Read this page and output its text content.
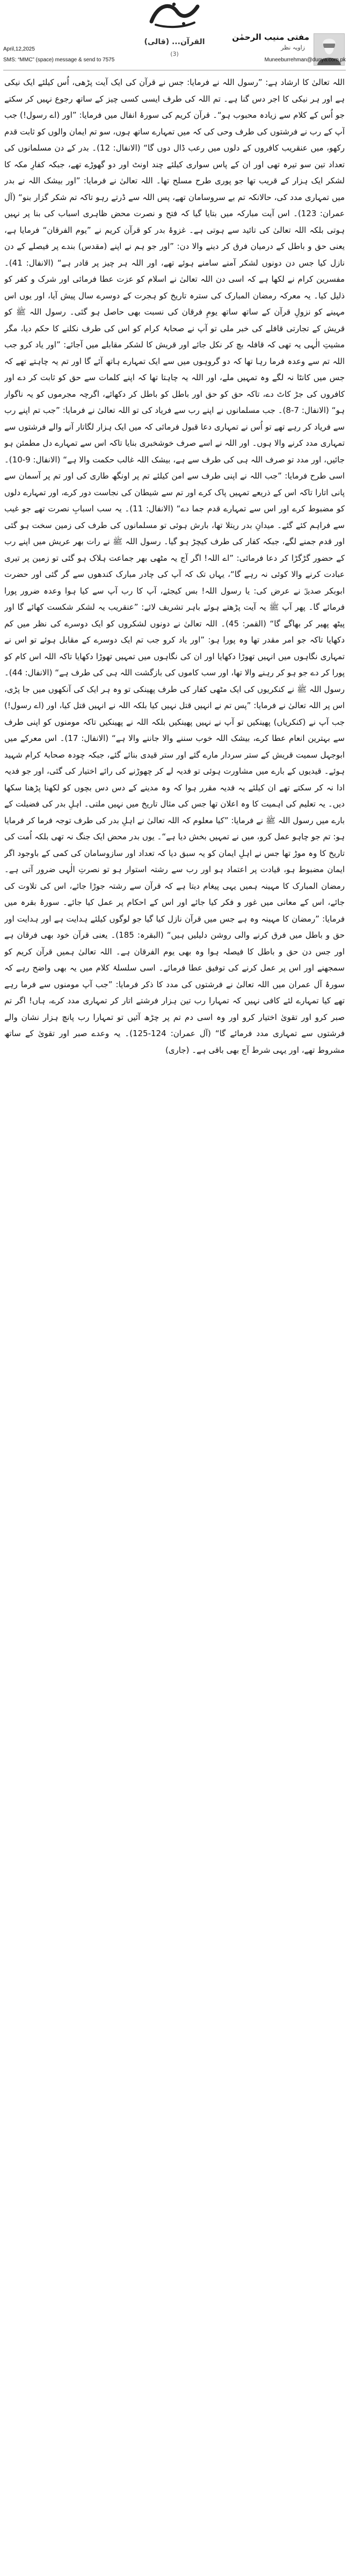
مفتی منیب الرحمٰن
زاویہ نظر
القرآن... (قالی)
(3)
April,12,2025
SMS: “MMC” (space) message & send to 7575	Muneeburrehman@dunya.com.pk

اللہ تعالیٰ کا ارشاد ہے: ”رسول اللہ نے فرمایا: جس نے قرآن کی ایک آیت پڑھی، اُس کیلئے ایک نیکی ہے اور ہر نیکی کا اجر دس گنا ہے۔ تم اللہ کی طرف ایسی کسی چیز کے ساتھ رجوع نہیں کر سکتے جو اُس کے کلام سے زیادہ محبوب ہو“۔ قرآن کریم کی سورۂ انفال میں فرمایا: ”اور (اے رسول!) جب آپ کے رب نے فرشتوں کی طرف وحی کی کہ میں تمہارے ساتھ ہوں، سو تم ایمان والوں کو ثابت قدم رکھو، میں عنقریب کافروں کے دلوں میں رعب ڈال دوں گا“ (الانفال: 12)۔ بدر کے دن مسلمانوں کی تعداد تین سو تیرہ تھی اور ان کے پاس سواری کیلئے چند اونٹ اور دو گھوڑے تھے، جبکہ کفارِ مکہ کا لشکر ایک ہزار کے قریب تھا جو پوری طرح مسلح تھا۔ اللہ تعالیٰ نے فرمایا: ”اور بیشک اللہ نے بدر میں تمہاری مدد کی، حالانکہ تم بے سروسامان تھے، پس اللہ سے ڈرتے رہو تاکہ تم شکر گزار بنو“ (آل عمران: 123)۔ اس آیت مبارکہ میں بتایا گیا کہ فتح و نصرت محض ظاہری اسباب کی بنا پر نہیں ہوتی بلکہ اللہ تعالیٰ کی تائید سے ہوتی ہے۔ غزوۂ بدر کو قرآن کریم نے ”یوم الفرقان“ فرمایا ہے، یعنی حق و باطل کے درمیان فرق کر دینے والا دن: ”اور جو ہم نے اپنے (مقدس) بندے پر فیصلے کے دن نازل کیا جس دن دونوں لشکر آمنے سامنے ہوئے تھے، اور اللہ ہر چیز پر قادر ہے“ (الانفال: 41)۔ مفسرین کرام نے لکھا ہے کہ اسی دن اللہ تعالیٰ نے اسلام کو عزت عطا فرمائی اور شرک و کفر کو ذلیل کیا۔ یہ معرکہ رمضان المبارک کی سترہ تاریخ کو ہجرت کے دوسرے سال پیش آیا، اور یوں اس مہینے کو نزولِ قرآن کے ساتھ ساتھ یومِ فرقان کی نسبت بھی حاصل ہو گئی۔ رسول اللہ ﷺ کو قریش کے تجارتی قافلے کی خبر ملی تو آپ نے صحابۂ کرام کو اس کی طرف نکلنے کا حکم دیا، مگر مشیتِ الٰہی یہ تھی کہ قافلہ بچ کر نکل جائے اور قریش کا لشکر مقابلے میں آجائے: ”اور یاد کرو جب اللہ تم سے وعدہ فرما رہا تھا کہ دو گروہوں میں سے ایک تمہارے ہاتھ آئے گا اور تم یہ چاہتے تھے کہ جس میں کانٹا نہ لگے وہ تمہیں ملے، اور اللہ یہ چاہتا تھا کہ اپنے کلمات سے حق کو ثابت کر دے اور کافروں کی جڑ کاٹ دے، تاکہ حق کو حق اور باطل کو باطل کر دکھائے، اگرچہ مجرموں کو یہ ناگوار ہو“ (الانفال: 7-8)۔ جب مسلمانوں نے اپنے رب سے فریاد کی تو اللہ تعالیٰ نے فرمایا: ”جب تم اپنے رب سے فریاد کر رہے تھے تو اُس نے تمہاری دعا قبول فرمائی کہ میں ایک ہزار لگاتار آنے والے فرشتوں سے تمہاری مدد کرنے والا ہوں۔ اور اللہ نے اسے صرف خوشخبری بنایا تاکہ اس سے تمہارے دل مطمئن ہو جائیں، اور مدد تو صرف اللہ ہی کی طرف سے ہے، بیشک اللہ غالب حکمت والا ہے“ (الانفال: 9-10)۔ اسی طرح فرمایا: ”جب اللہ نے اپنی طرف سے امن کیلئے تم پر اونگھ طاری کی اور تم پر آسمان سے پانی اتارا تاکہ اس کے ذریعے تمہیں پاک کرے اور تم سے شیطان کی نجاست دور کرے، اور تمہارے دلوں کو مضبوط کرے اور اس سے تمہارے قدم جما دے“ (الانفال: 11)۔ یہ سب اسبابِ نصرت تھے جو غیب سے فراہم کئے گئے۔ میدانِ بدر ریتلا تھا، بارش ہوئی تو مسلمانوں کی طرف کی زمین سخت ہو گئی اور قدم جمنے لگے، جبکہ کفار کی طرف کیچڑ ہو گیا۔ رسول اللہ ﷺ نے رات بھر عریش میں اپنے رب کے حضور گڑگڑا کر دعا فرمائی: ”اے اللہ! اگر آج یہ مٹھی بھر جماعت ہلاک ہو گئی تو زمین پر تیری عبادت کرنے والا کوئی نہ رہے گا“، یہاں تک کہ آپ کی چادر مبارک کندھوں سے گر گئی اور حضرت ابوبکر صدیقؓ نے عرض کی: یا رسول اللہ! بس کیجئے، آپ کا رب آپ سے کیا ہوا وعدہ ضرور پورا فرمائے گا۔ پھر آپ ﷺ یہ آیت پڑھتے ہوئے باہر تشریف لائے: ”عنقریب یہ لشکر شکست کھائے گا اور پیٹھ پھیر کر بھاگے گا“ (القمر: 45)۔ اللہ تعالیٰ نے دونوں لشکروں کو ایک دوسرے کی نظر میں کم دکھایا تاکہ جو امر مقدر تھا وہ پورا ہو: ”اور یاد کرو جب تم ایک دوسرے کے مقابل ہوئے تو اس نے تمہاری نگاہوں میں انہیں تھوڑا دکھایا اور ان کی نگاہوں میں تمہیں تھوڑا دکھایا تاکہ اللہ اس کام کو پورا کر دے جو ہو کر رہنے والا تھا، اور سب کاموں کی بازگشت اللہ ہی کی طرف ہے“ (الانفال: 44)۔ رسول اللہ ﷺ نے کنکریوں کی ایک مٹھی کفار کی طرف پھینکی تو وہ ہر ایک کی آنکھوں میں جا پڑی، اس پر اللہ تعالیٰ نے فرمایا: ”پس تم نے انہیں قتل نہیں کیا بلکہ اللہ نے انہیں قتل کیا، اور (اے رسول!) جب آپ نے (کنکریاں) پھینکیں تو آپ نے نہیں پھینکیں بلکہ اللہ نے پھینکیں تاکہ مومنوں کو اپنی طرف سے بہترین انعام عطا کرے، بیشک اللہ خوب سننے والا جاننے والا ہے“ (الانفال: 17)۔ اس معرکے میں ابوجہل سمیت قریش کے ستر سردار مارے گئے اور ستر قیدی بنائے گئے، جبکہ چودہ صحابۂ کرام شہید ہوئے۔ قیدیوں کے بارے میں مشاورت ہوئی تو فدیہ لے کر چھوڑنے کی رائے اختیار کی گئی، اور جو فدیہ ادا نہ کر سکتے تھے ان کیلئے یہ فدیہ مقرر ہوا کہ وہ مدینے کے دس دس بچوں کو لکھنا پڑھنا سکھا دیں۔ یہ تعلیم کی اہمیت کا وہ اعلان تھا جس کی مثال تاریخ میں نہیں ملتی۔ اہلِ بدر کی فضیلت کے بارے میں رسول اللہ ﷺ نے فرمایا: ”کیا معلوم کہ اللہ تعالیٰ نے اہلِ بدر کی طرف توجہ فرما کر فرمایا ہو: تم جو چاہو عمل کرو، میں نے تمہیں بخش دیا ہے“۔ یوں بدر محض ایک جنگ نہ تھی بلکہ اُمت کی تاریخ کا وہ موڑ تھا جس نے اہلِ ایمان کو یہ سبق دیا کہ تعداد اور سازوسامان کی کمی کے باوجود اگر ایمان مضبوط ہو، قیادت پر اعتماد ہو اور رب سے رشتہ استوار ہو تو نصرتِ الٰہی ضرور آتی ہے۔ رمضان المبارک کا مہینہ ہمیں یہی پیغام دیتا ہے کہ قرآن سے رشتہ جوڑا جائے، اس کی تلاوت کی جائے، اس کے معانی میں غور و فکر کیا جائے اور اس کے احکام پر عمل کیا جائے۔ سورۂ بقرہ میں فرمایا: ”رمضان کا مہینہ وہ ہے جس میں قرآن نازل کیا گیا جو لوگوں کیلئے ہدایت ہے اور ہدایت اور حق و باطل میں فرق کرنے والی روشن دلیلیں ہیں“ (البقرہ: 185)۔ یعنی قرآن خود بھی فرقان ہے اور جس دن حق و باطل کا فیصلہ ہوا وہ بھی یوم الفرقان ہے۔ اللہ تعالیٰ ہمیں قرآن کریم کو سمجھنے اور اس پر عمل کرنے کی توفیق عطا فرمائے۔ اسی سلسلۂ کلام میں یہ بھی واضح رہے کہ سورۂ آل عمران میں اللہ تعالیٰ نے فرشتوں کی مدد کا ذکر فرمایا: ”جب آپ مومنوں سے فرما رہے تھے کیا تمہارے لئے کافی نہیں کہ تمہارا رب تین ہزار فرشتے اتار کر تمہاری مدد کرے، ہاں! اگر تم صبر کرو اور تقویٰ اختیار کرو اور وہ اسی دم تم پر چڑھ آئیں تو تمہارا رب پانچ ہزار نشان والے فرشتوں سے تمہاری مدد فرمائے گا“ (آل عمران: 124-125)۔ یہ وعدے صبر اور تقویٰ کے ساتھ مشروط تھے، اور یہی شرط آج بھی باقی ہے۔ (جاری)
